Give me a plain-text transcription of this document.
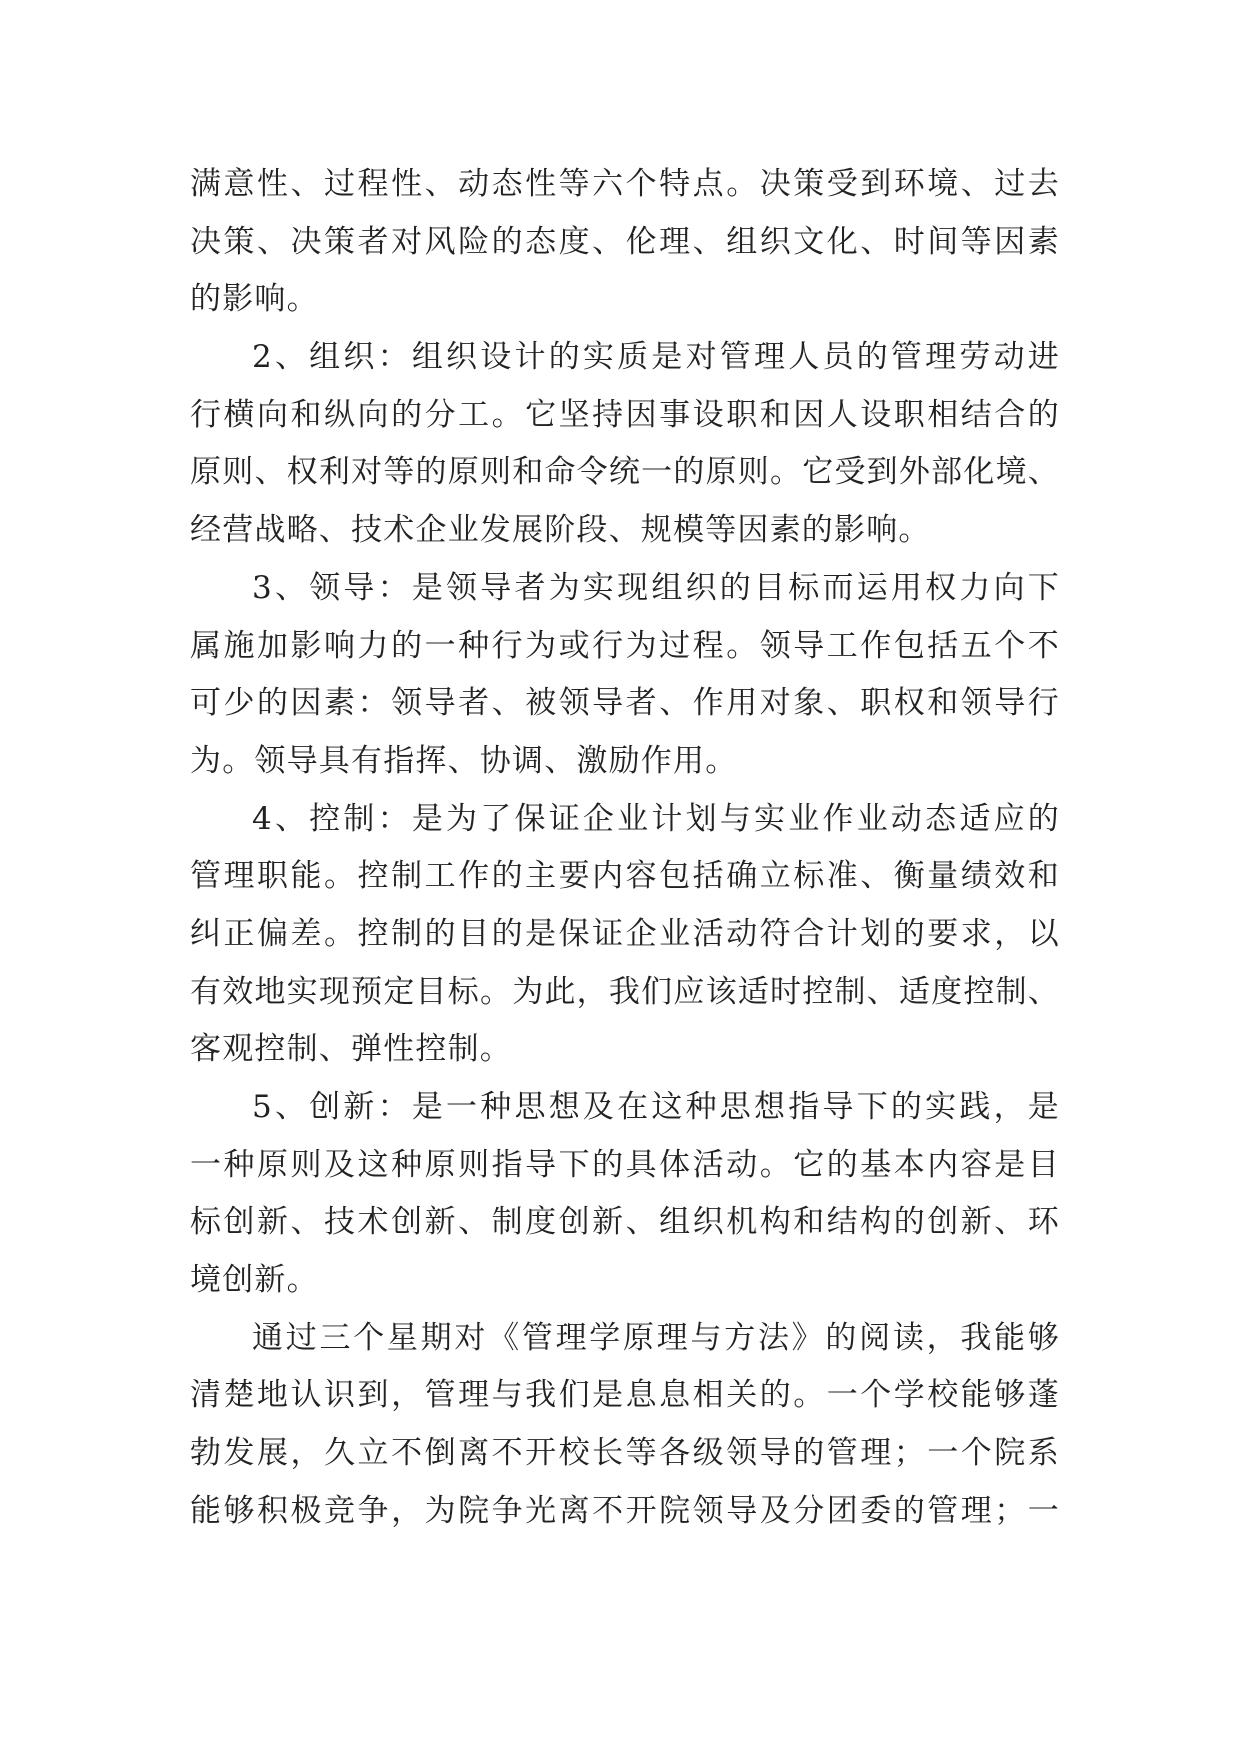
满意性、过程性、动态性等六个特点。决策受到环境、过去
决策、决策者对风险的态度、伦理、组织文化、时间等因素
的影响。
2、组织：组织设计的实质是对管理人员的管理劳动进
行横向和纵向的分工。它坚持因事设职和因人设职相结合的
原则、权利对等的原则和命令统一的原则。它受到外部化境、
经营战略、技术企业发展阶段、规模等因素的影响。
3、领导：是领导者为实现组织的目标而运用权力向下
属施加影响力的一种行为或行为过程。领导工作包括五个不
可少的因素：领导者、被领导者、作用对象、职权和领导行
为。领导具有指挥、协调、激励作用。
4、控制：是为了保证企业计划与实业作业动态适应的
管理职能。控制工作的主要内容包括确立标准、衡量绩效和
纠正偏差。控制的目的是保证企业活动符合计划的要求，以
有效地实现预定目标。为此，我们应该适时控制、适度控制、
客观控制、弹性控制。
5、创新：是一种思想及在这种思想指导下的实践，是
一种原则及这种原则指导下的具体活动。它的基本内容是目
标创新、技术创新、制度创新、组织机构和结构的创新、环
境创新。
通过三个星期对《管理学原理与方法》的阅读，我能够
清楚地认识到，管理与我们是息息相关的。一个学校能够蓬
勃发展，久立不倒离不开校长等各级领导的管理；一个院系
能够积极竞争，为院争光离不开院领导及分团委的管理；一
